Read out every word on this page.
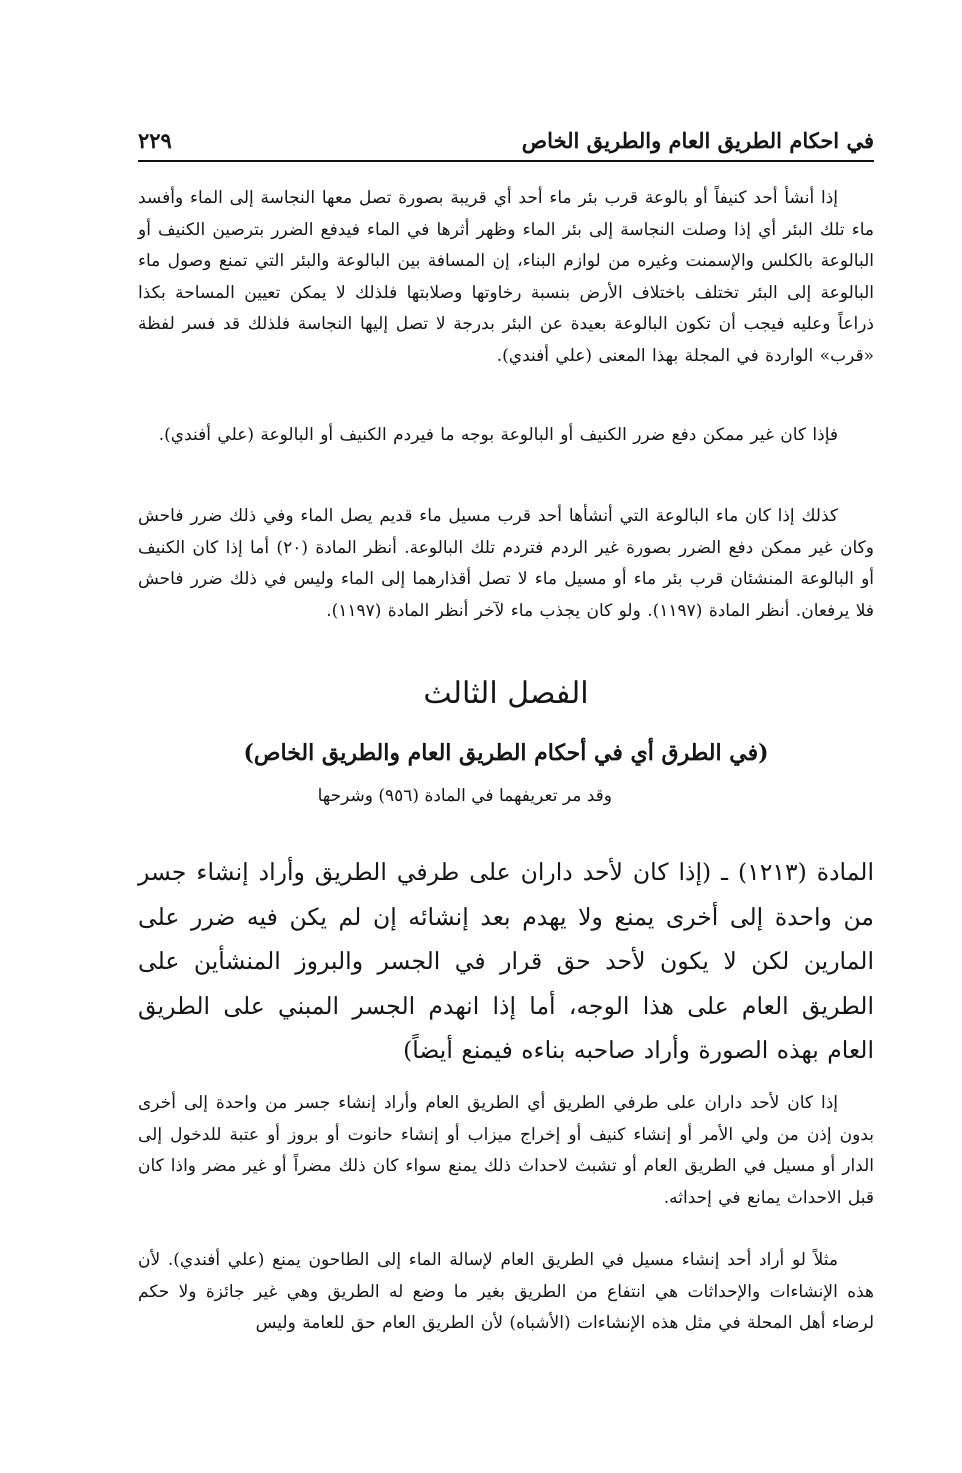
في احكام الطريق العام والطريق الخاص
٢٢٩

إذا أنشأ أحد كنيفاً أو بالوعة قرب بئر ماء أحد أي قريبة بصورة تصل معها النجاسة إلى الماء وأفسد ماء تلك البئر أي إذا وصلت النجاسة إلى بئر الماء وظهر أثرها في الماء فيدفع الضرر بترصين الكنيف أو البالوعة بالكلس والإسمنت وغيره من لوازم البناء، إن المسافة بين البالوعة والبئر التي تمنع وصول ماء البالوعة إلى البئر تختلف باختلاف الأرض بنسبة رخاوتها وصلابتها فلذلك لا يمكن تعيين المساحة بكذا ذراعاً وعليه فيجب أن تكون البالوعة بعيدة عن البئر بدرجة لا تصل إليها النجاسة فلذلك قد فسر لفظة «قرب» الواردة في المجلة بهذا المعنى (علي أفندي).

فإذا كان غير ممكن دفع ضرر الكنيف أو البالوعة بوجه ما فيردم الكنيف أو البالوعة (علي أفندي).

كذلك إذا كان ماء البالوعة التي أنشأها أحد قرب مسيل ماء قديم يصل الماء وفي ذلك ضرر فاحش وكان غير ممكن دفع الضرر بصورة غير الردم فتردم تلك البالوعة. أنظر المادة (٢٠) أما إذا كان الكنيف أو البالوعة المنشئان قرب بئر ماء أو مسيل ماء لا تصل أقذارهما إلى الماء وليس في ذلك ضرر فاحش فلا يرفعان. أنظر المادة (١١٩٧). ولو كان يجذب ماء لآخر أنظر المادة (١١٩٧).

الفصل الثالث
(في الطرق أي في أحكام الطريق العام والطريق الخاص)

وقد مر تعريفهما في المادة (٩٥٦) وشرحها

المادة (١٢١٣) ـ (إذا كان لأحد داران على طرفي الطريق وأراد إنشاء جسر من واحدة إلى أخرى يمنع ولا يهدم بعد إنشائه إن لم يكن فيه ضرر على المارين لكن لا يكون لأحد حق قرار في الجسر والبروز المنشأين على الطريق العام على هذا الوجه، أما إذا انهدم الجسر المبني على الطريق العام بهذه الصورة وأراد صاحبه بناءه فيمنع أيضاً)

إذا كان لأحد داران على طرفي الطريق أي الطريق العام وأراد إنشاء جسر من واحدة إلى أخرى بدون إذن من ولي الأمر أو إنشاء كنيف أو إخراج ميزاب أو إنشاء حانوت أو بروز أو عتبة للدخول إلى الدار أو مسيل في الطريق العام أو تشبث لاحداث ذلك يمنع سواء كان ذلك مضراً أو غير مضر واذا كان قبل الاحداث يمانع في إحداثه.

مثلاً لو أراد أحد إنشاء مسيل في الطريق العام لإسالة الماء إلى الطاحون يمنع (علي أفندي). لأن هذه الإنشاءات والإحداثات هي انتفاع من الطريق بغير ما وضع له الطريق وهي غير جائزة ولا حكم لرضاء أهل المحلة في مثل هذه الإنشاءات (الأشباه) لأن الطريق العام حق للعامة وليس
